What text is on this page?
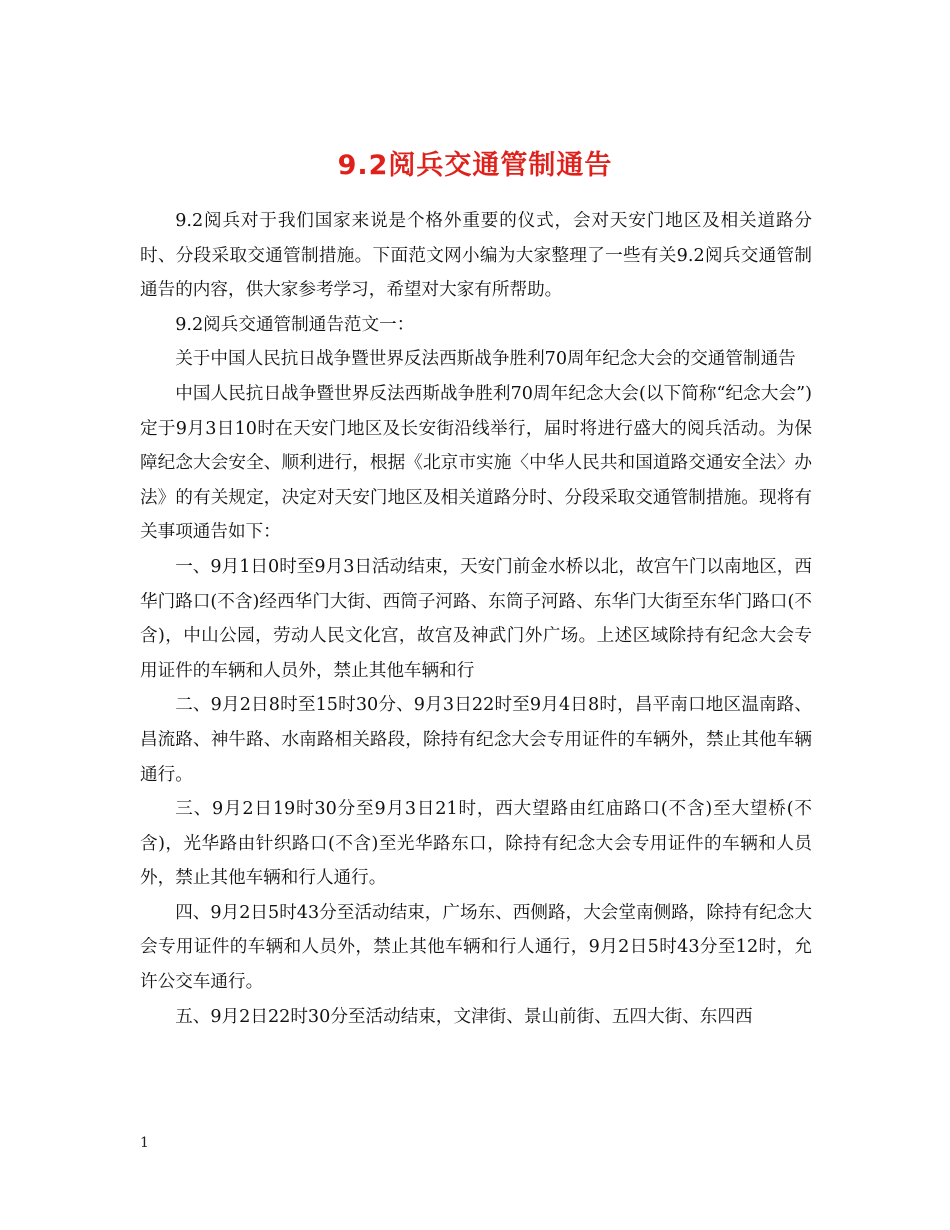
9.2阅兵交通管制通告

9.2阅兵对于我们国家来说是个格外重要的仪式，会对天安门地区及相关道路分时、分段采取交通管制措施。下面范文网小编为大家整理了一些有关9.2阅兵交通管制通告的内容，供大家参考学习，希望对大家有所帮助。

9.2阅兵交通管制通告范文一：

关于中国人民抗日战争暨世界反法西斯战争胜利70周年纪念大会的交通管制通告

中国人民抗日战争暨世界反法西斯战争胜利70周年纪念大会(以下简称“纪念大会”)定于9月3日10时在天安门地区及长安街沿线举行，届时将进行盛大的阅兵活动。为保障纪念大会安全、顺利进行，根据《北京市实施〈中华人民共和国道路交通安全法〉办法》的有关规定，决定对天安门地区及相关道路分时、分段采取交通管制措施。现将有关事项通告如下：

一、9月1日0时至9月3日活动结束，天安门前金水桥以北，故宫午门以南地区，西华门路口(不含)经西华门大街、西筒子河路、东筒子河路、东华门大街至东华门路口(不含)，中山公园，劳动人民文化宫，故宫及神武门外广场。上述区域除持有纪念大会专用证件的车辆和人员外，禁止其他车辆和行

二、9月2日8时至15时30分、9月3日22时至9月4日8时，昌平南口地区温南路、昌流路、神牛路、水南路相关路段，除持有纪念大会专用证件的车辆外，禁止其他车辆通行。

三、9月2日19时30分至9月3日21时，西大望路由红庙路口(不含)至大望桥(不含)，光华路由针织路口(不含)至光华路东口，除持有纪念大会专用证件的车辆和人员外，禁止其他车辆和行人通行。

四、9月2日5时43分至活动结束，广场东、西侧路，大会堂南侧路，除持有纪念大会专用证件的车辆和人员外，禁止其他车辆和行人通行，9月2日5时43分至12时，允许公交车通行。

五、9月2日22时30分至活动结束，文津街、景山前街、五四大街、东四西

1
